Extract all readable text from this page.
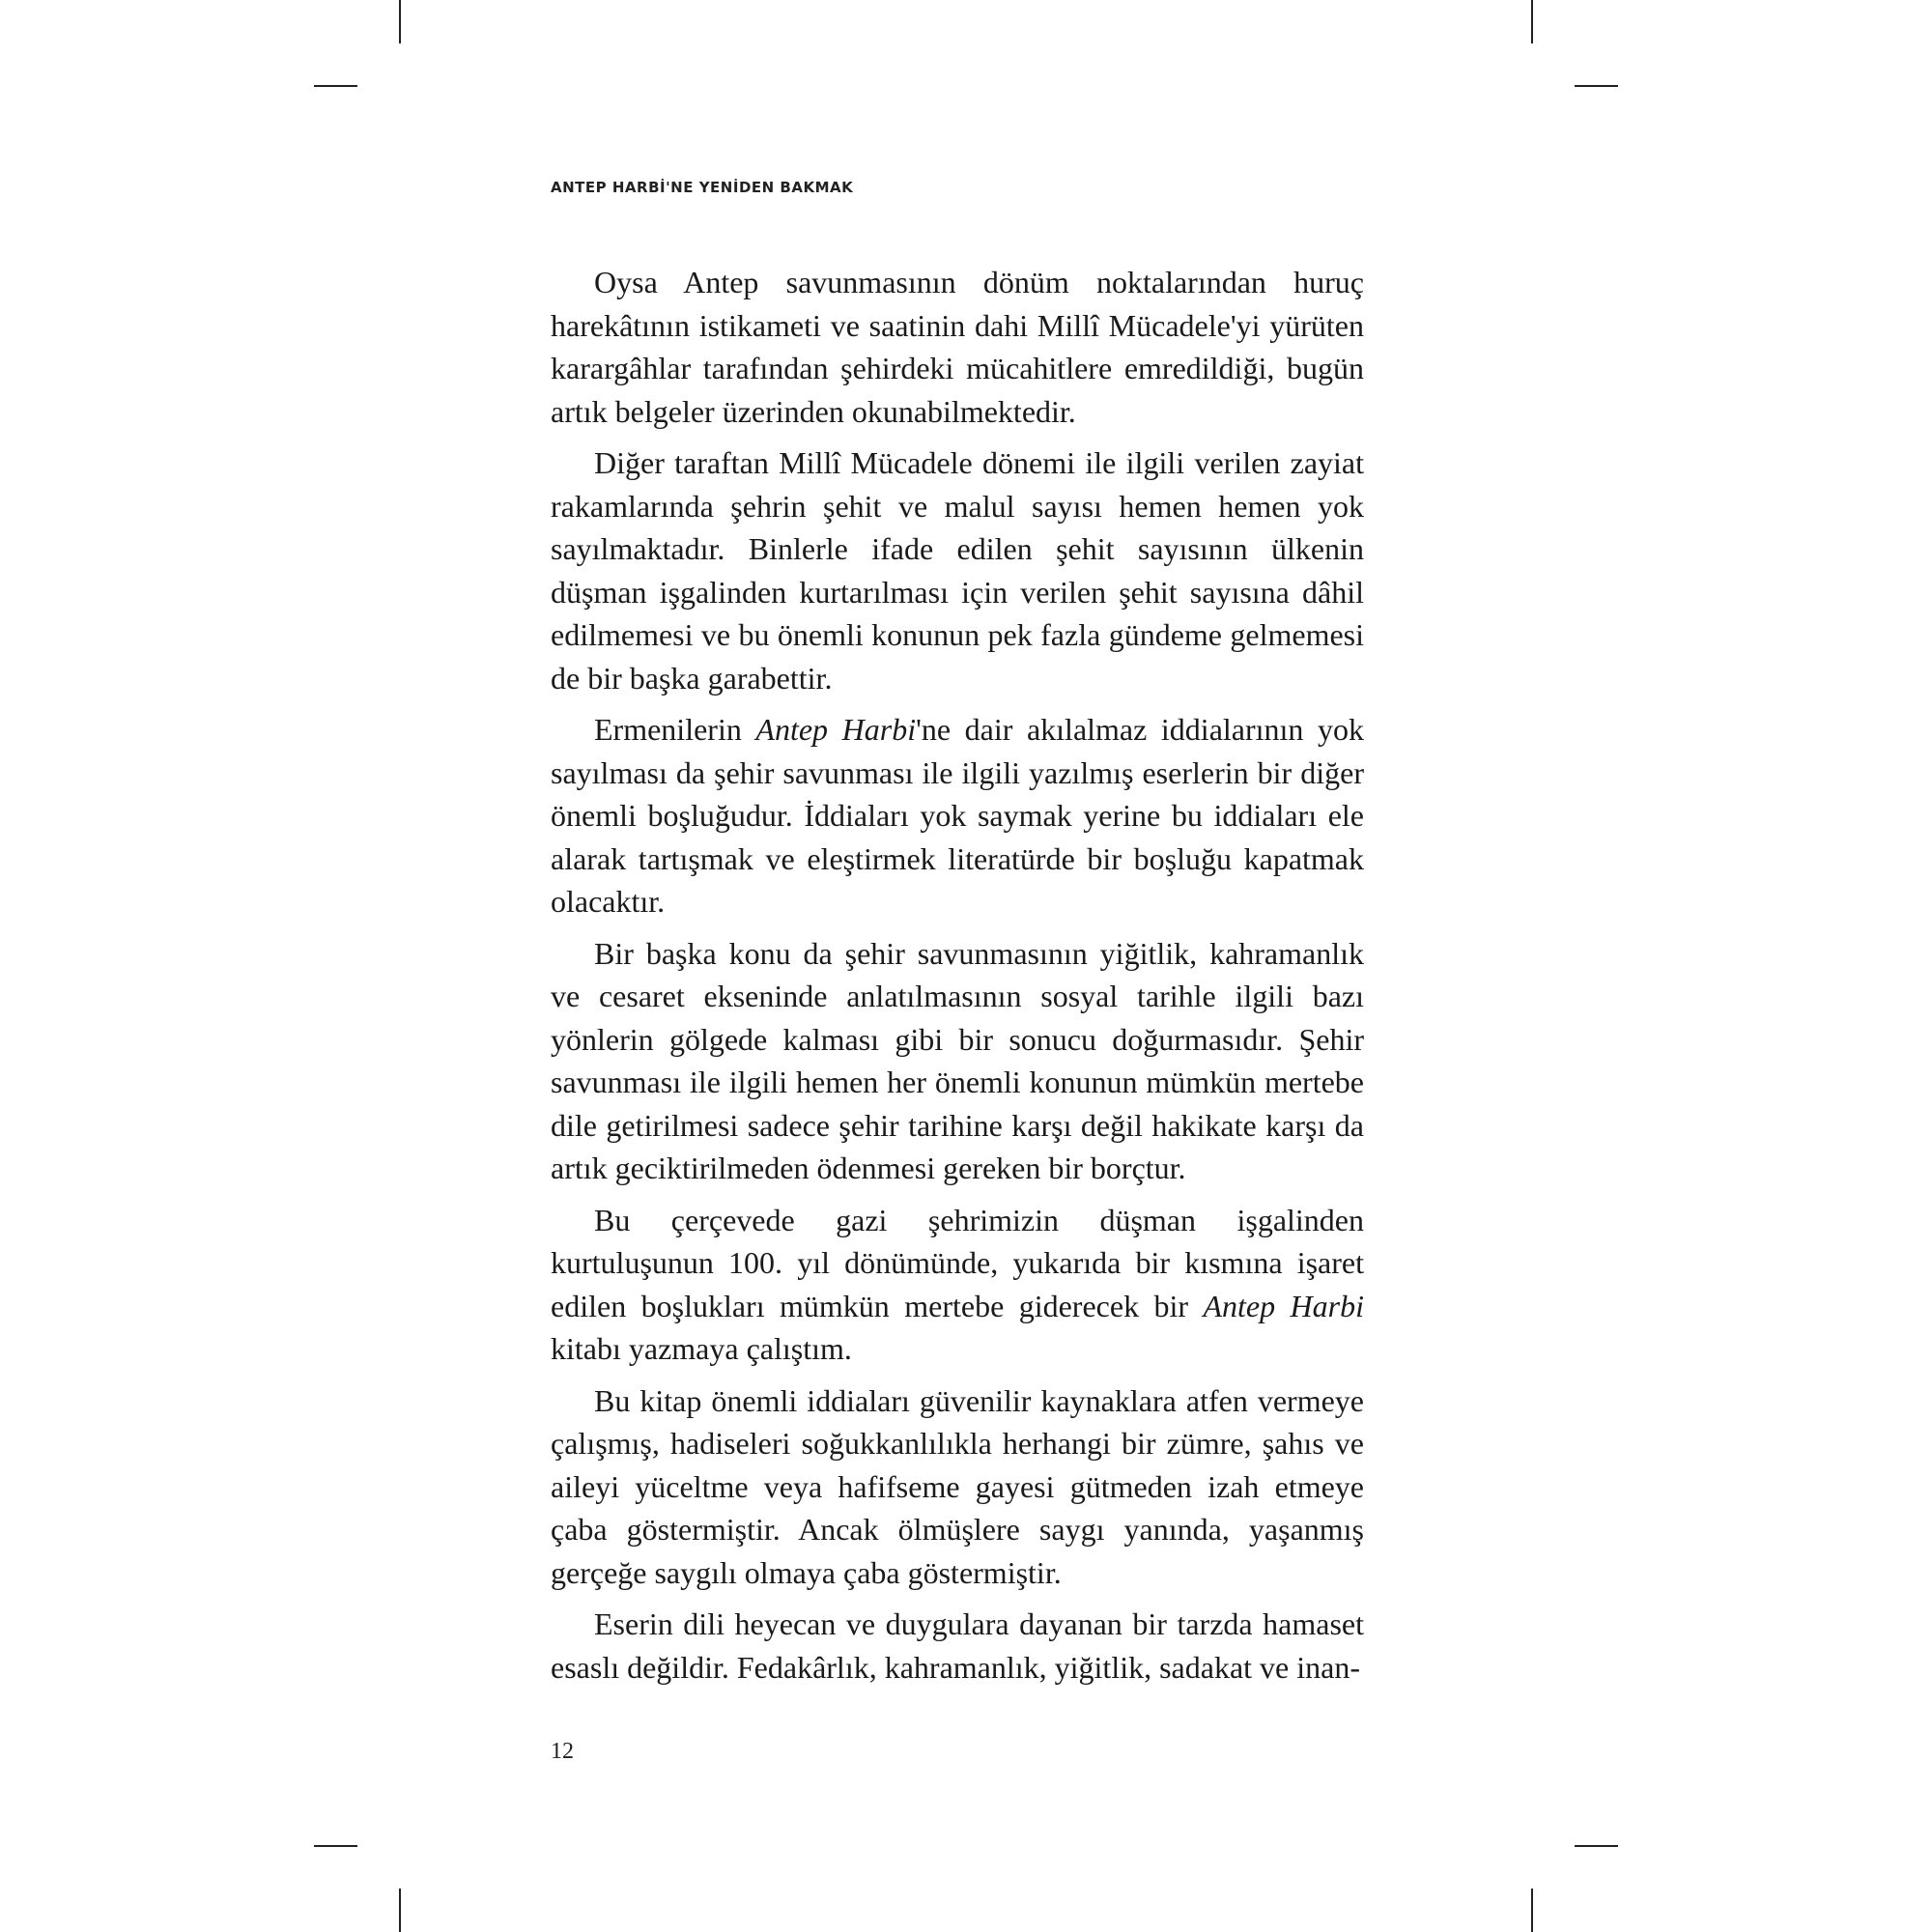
ANTEP HARBİ'NE YENİDEN BAKMAK

Oysa Antep savunmasının dönüm noktalarından huruç harekâtının istikameti ve saatinin dahi Millî Mücadele'yi yürüten karargâhlar tarafından şehirdeki mücahitlere emredildiği, bugün artık belgeler üzerinden okunabilmektedir.

Diğer taraftan Millî Mücadele dönemi ile ilgili verilen zayiat rakamlarında şehrin şehit ve malul sayısı hemen hemen yok sayılmaktadır. Binlerle ifade edilen şehit sayısının ülkenin düşman işgalinden kurtarılması için verilen şehit sayısına dâhil edilmemesi ve bu önemli konunun pek fazla gündeme gelmemesi de bir başka garabettir.

Ermenilerin Antep Harbi'ne dair akılalmaz iddialarının yok sayılması da şehir savunması ile ilgili yazılmış eserlerin bir diğer önemli boşluğudur. İddiaları yok saymak yerine bu iddiaları ele alarak tartışmak ve eleştirmek literatürde bir boşluğu kapatmak olacaktır.

Bir başka konu da şehir savunmasının yiğitlik, kahramanlık ve cesaret ekseninde anlatılmasının sosyal tarihle ilgili bazı yönlerin gölgede kalması gibi bir sonucu doğurmasıdır. Şehir savunması ile ilgili hemen her önemli konunun mümkün mertebe dile getirilmesi sadece şehir tarihine karşı değil hakikate karşı da artık geciktirilmeden ödenmesi gereken bir borçtur.

Bu çerçevede gazi şehrimizin düşman işgalinden kurtuluşunun 100. yıl dönümünde, yukarıda bir kısmına işaret edilen boşlukları mümkün mertebe giderecek bir Antep Harbi kitabı yazmaya çalıştım.

Bu kitap önemli iddiaları güvenilir kaynaklara atfen vermeye çalışmış, hadiseleri soğukkanlılıkla herhangi bir zümre, şahıs ve aileyi yüceltme veya hafifseme gayesi gütmeden izah etmeye çaba göstermiştir. Ancak ölmüşlere saygı yanında, yaşanmış gerçeğe saygılı olmaya çaba göstermiştir.

Eserin dili heyecan ve duygulara dayanan bir tarzda hamaset esaslı değildir. Fedakârlık, kahramanlık, yiğitlik, sadakat ve inan-

12
